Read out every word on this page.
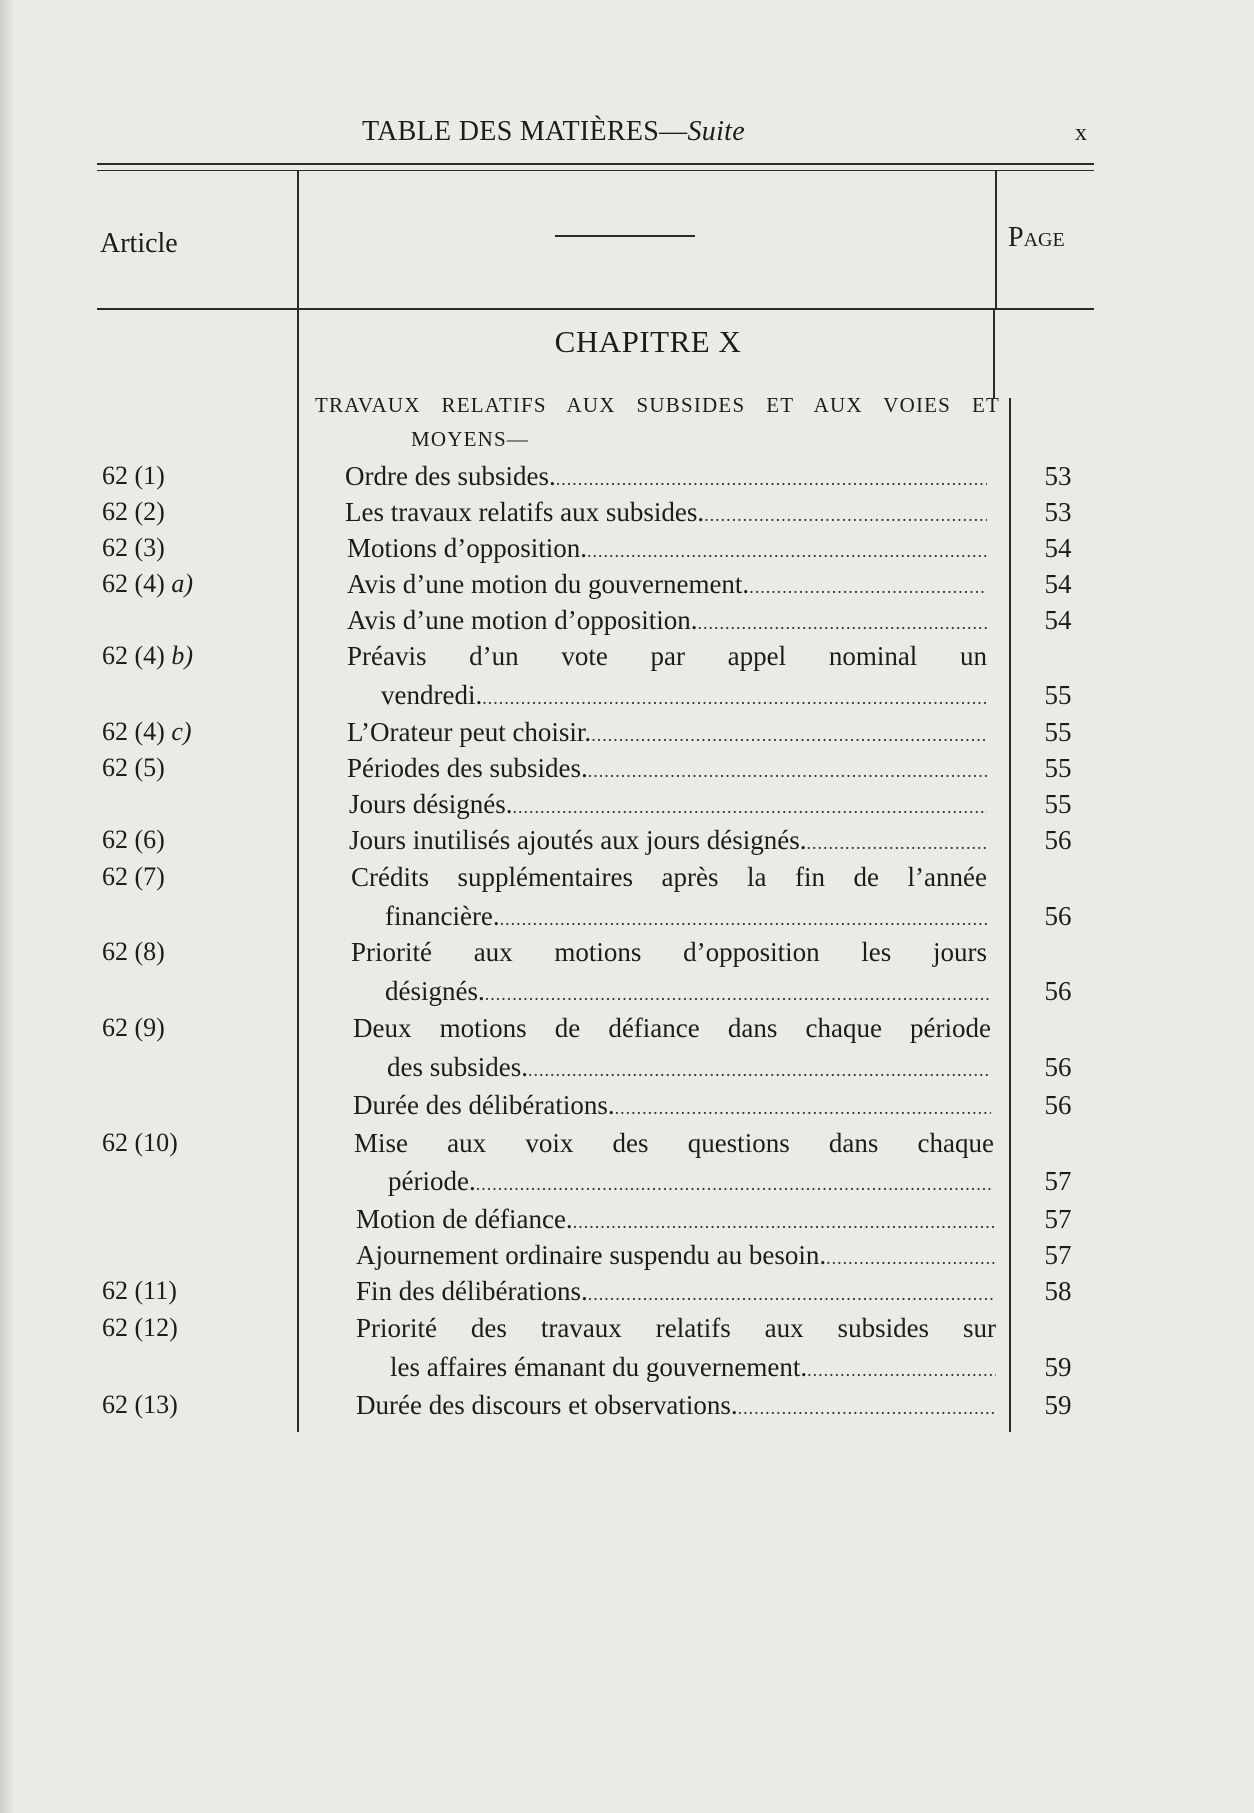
TABLE DES MATIÈRES—Suite	x
Article	Page
CHAPITRE X
TRAVAUX RELATIFS AUX SUBSIDES ET AUX VOIES ET
MOYENS—
62 (1)	Ordre des subsides. .....	53
62 (2)	Les travaux relatifs aux subsides. .....	53
62 (3)	Motions d’opposition. .....	54
62 (4) a)	Avis d’une motion du gouvernement. .....	54
Avis d’une motion d’opposition. .....	54
62 (4) b)	Préavis d’un vote par appel nominal un
vendredi. .....	55
62 (4) c)	L’Orateur peut choisir. .....	55
62 (5)	Périodes des subsides. .....	55
Jours désignés. .....	55
62 (6)	Jours inutilisés ajoutés aux jours désignés. .....	56
62 (7)	Crédits supplémentaires après la fin de l’année
financière. .....	56
62 (8)	Priorité aux motions d’opposition les jours
désignés. .....	56
62 (9)	Deux motions de défiance dans chaque période
des subsides. .....	56
Durée des délibérations. .....	56
62 (10)	Mise aux voix des questions dans chaque
période. .....	57
Motion de défiance. .....	57
Ajournement ordinaire suspendu au besoin. .....	57
62 (11)	Fin des délibérations. .....	58
62 (12)	Priorité des travaux relatifs aux subsides sur
les affaires émanant du gouvernement. .....	59
62 (13)	Durée des discours et observations. .....	59
